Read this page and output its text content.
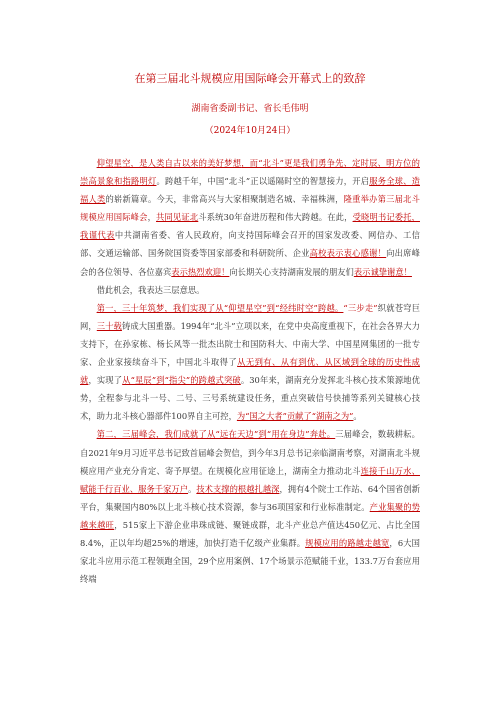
在第三届北斗规模应用国际峰会开幕式上的致辞
湖南省委副书记、省长毛伟明
（2024年10月24日）

仰望星空，是人类自古以来的美好梦想，而“北斗”更是我们勇争先、定时辰、明方位的崇高景象和指路明灯。跨越千年，中国“北斗”正以遥隔时空的智慧接力，开启服务全球、造福人类的崭新篇章。今天，非常高兴与大家相聚制造名城、幸福株洲，隆重举办第三届北斗规模应用国际峰会，共同见证北斗系统30年奋进历程和伟大跨越。在此，受晓明书记委托，我谨代表中共湖南省委、省人民政府，向支持国际峰会召开的国家发改委、网信办、工信部、交通运输部、国务院国资委等国家部委和科研院所、企业高校表示衷心感谢！向出席峰会的各位领导、各位嘉宾表示热烈欢迎！向长期关心支持湖南发展的朋友们表示诚挚谢意！

借此机会，我表达三层意思。

第一，三十年筑梦，我们实现了从“仰望星空”到“经纬时空”跨越。“三步走”织就苍穹巨网，三十载铸成大国重器。1994年“北斗”立项以来，在党中央高度重视下，在社会各界大力支持下，在孙家栋、杨长风等一批杰出院士和国防科大、中南大学、中国星网集团的一批专家、企业家接续奋斗下，中国北斗取得了从无到有、从有到优、从区域到全球的历史性成就，实现了从“星辰”到“指尖”的跨越式突破。30年来，湖南充分发挥北斗核心技术策源地优势，全程参与北斗一号、二号、三号系统建设任务，重点突破信号快捕等系列关键核心技术，助力北斗核心器部件100界自主可控，为“国之大者”贡献了“湖南之为”。

第二，三届峰会，我们成就了从“远在天边”到“用在身边”奔赴。三届峰会，数载耕耘。自2021年9月习近平总书记致首届峰会贺信，到今年3月总书记亲临湖南考察，对湖南北斗规模应用产业充分肯定、寄予厚望。在规模化应用征途上，湖南全力推动北斗连接千山万水、赋能千行百业、服务千家万户。技术支撑的根越扎越深，拥有4个院士工作站、64个国省创新平台，集聚国内80%以上北斗核心技术资源，参与36项国家和行业标准制定。产业集聚的势越来越旺，515家上下游企业串珠成链、聚链成群，北斗产业总产值达450亿元、占比全国8.4%，正以年均超25%的增速，加快打造千亿级产业集群。规模应用的路越走越宽，6大国家北斗应用示范工程领跑全国，29个应用案例、17个场景示范赋能千业，133.7万台套应用终端
